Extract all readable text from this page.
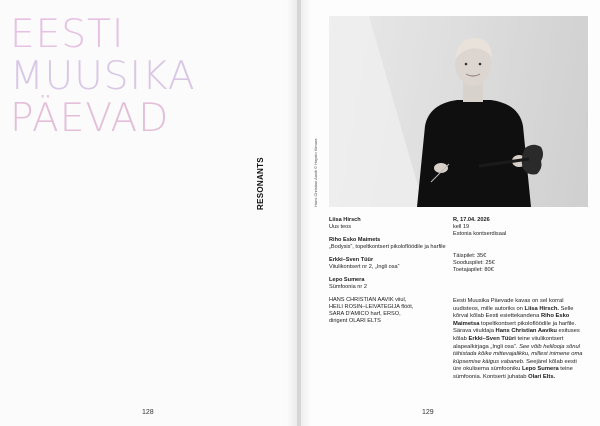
EESTI
MUUSIKA
PÄEVAD
128
RESONANTS	Hans Christian Aavik © Hayato Kimura
Liisa Hirsch
Uus teos
Riho Esko Maimets
„Bodysis“, topeltkontsert pikoloflöödile ja harfile
Erkki–Sven Tüür
Viiulikontsert nr 2, „Ingli osa“
Lepo Sumera
Sümfoonia nr 2
HANS CHRISTIAN AAVIK viiul,
HEILI ROSIN–LEIVATEGIJA flööt,
SARA D'AMICO harf, ERSO,
dirigent OLARI ELTS
R, 17.04. 2026
kell 19
Estonia kontserdisaal
Täispilet: 35€
Sooduspilet: 25€
Toetajapilet: 80€
Eesti Muusika Päevade kavas on sel korral uudisteos, mille autoriks on Liisa Hirsch. Selle kõrval kõlab Eesti esiettekandena Riho Esko Maimetsa topeltkontsert pikoloflöödile ja harfile. Särava viiuldaja Hans Christian Aaviku esituses kõlab Erkki–Sven Tüüri teine viiulikontsert alapealkirjaga „Ingli osa“. See võib helilooja sõnul tähistada kõike mittevajalikku, millest inimene oma küpsemise käigus vabaneb. Seejärel kõlab eesti üre okulisema sümfooniku Lepo Sumera teine sümfoonia. Kontserti juhatab Olari Elts.
129
